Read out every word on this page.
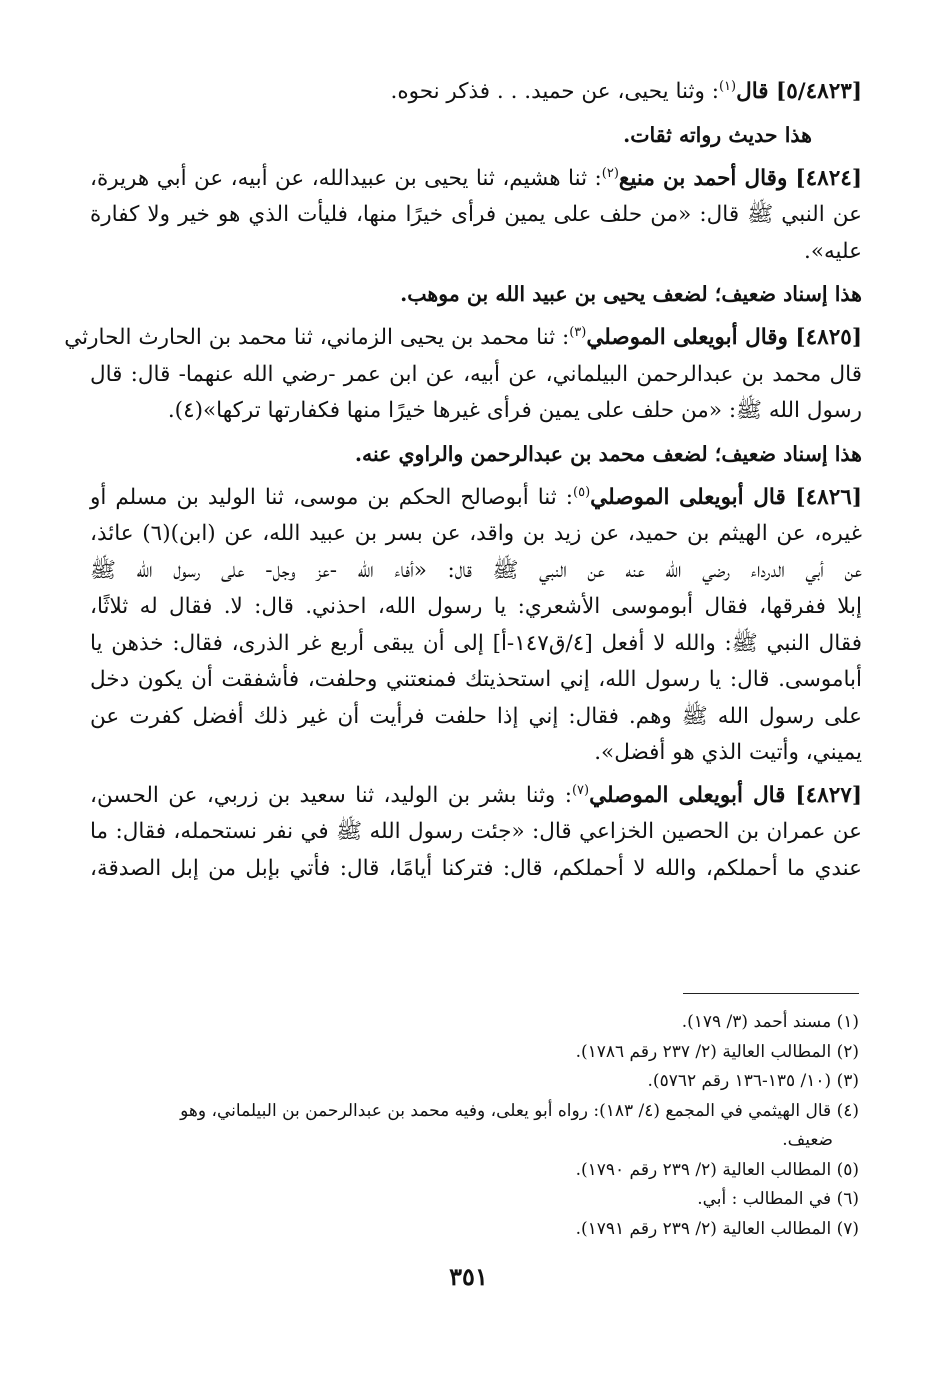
[٥/٤٨٢٣] قال$^{(١)}$: وثنا يحيى، عن حميد. . . فذكر نحوه.
هذا حديث رواته ثقات.
[٤٨٢٤] وقال أحمد بن منيع$^{(٢)}$: ثنا هشيم، ثنا يحيى بن عبيدالله، عن أبيه، عن أبي هريرة،
عن النبي ﷺ قال: «من حلف على يمين فرأى خيرًا منها، فليأت الذي هو خير ولا كفارة
عليه».
هذا إسناد ضعيف؛ لضعف يحيى بن عبيد الله بن موهب.
[٤٨٢٥] وقال أبويعلى الموصلي$^{(٣)}$: ثنا محمد بن يحيى الزماني، ثنا محمد بن الحارث الحارثي
قال محمد بن عبدالرحمن البيلماني، عن أبيه، عن ابن عمر -رضي الله عنهما- قال: قال
رسول الله ﷺ: «من حلف على يمين فرأى غيرها خيرًا منها فكفارتها تركها»(٤).
هذا إسناد ضعيف؛ لضعف محمد بن عبدالرحمن والراوي عنه.
[٤٨٢٦] قال أبويعلى الموصلي$^{(٥)}$: ثنا أبوصالح الحكم بن موسى، ثنا الوليد بن مسلم أو
غيره، عن الهيثم بن حميد، عن زيد بن واقد، عن بسر بن عبيد الله، عن (ابن)(٦) عائذ،
عن أبي الدرداء رضي الله عنه عن النبي ﷺ قال: «أفاء الله -عز وجل- على رسول الله ﷺ
إبلا ففرقها، فقال أبوموسى الأشعري: يا رسول الله، احذني. قال: لا. فقال له ثلاثًا،
فقال النبي ﷺ: والله لا أفعل [٤/ق١٤٧-أ] إلى أن يبقى أربع غر الذرى، فقال: خذهن يا
أباموسى. قال: يا رسول الله، إني استحذيتك فمنعتني وحلفت، فأشفقت أن يكون دخل
على رسول الله ﷺ وهم. فقال: إني إذا حلفت فرأيت أن غير ذلك أفضل كفرت عن
يميني، وأتيت الذي هو أفضل».
[٤٨٢٧] قال أبويعلى الموصلي$^{(٧)}$: وثنا بشر بن الوليد، ثنا سعيد بن زربي، عن الحسن،
عن عمران بن الحصين الخزاعي قال: «جئت رسول الله ﷺ في نفر نستحمله، فقال: ما
عندي ما أحملكم، والله لا أحملكم، قال: فتركنا أيامًا، قال: فأتي بإبل من إبل الصدقة،

(١) مسند أحمد (٣/ ١٧٩).

(٢) المطالب العالية (٢/ ٢٣٧ رقم ١٧٨٦).

(٣) (١٠/ ١٣٥-١٣٦ رقم ٥٧٦٢).

(٤) قال الهيثمي في المجمع (٤/ ١٨٣): رواه أبو يعلى، وفيه محمد بن عبدالرحمن بن البيلماني، وهو

ضعيف.

(٥) المطالب العالية (٢/ ٢٣٩ رقم ١٧٩٠).

(٦) في المطالب : أبي.

(٧) المطالب العالية (٢/ ٢٣٩ رقم ١٧٩١).

٣٥١
